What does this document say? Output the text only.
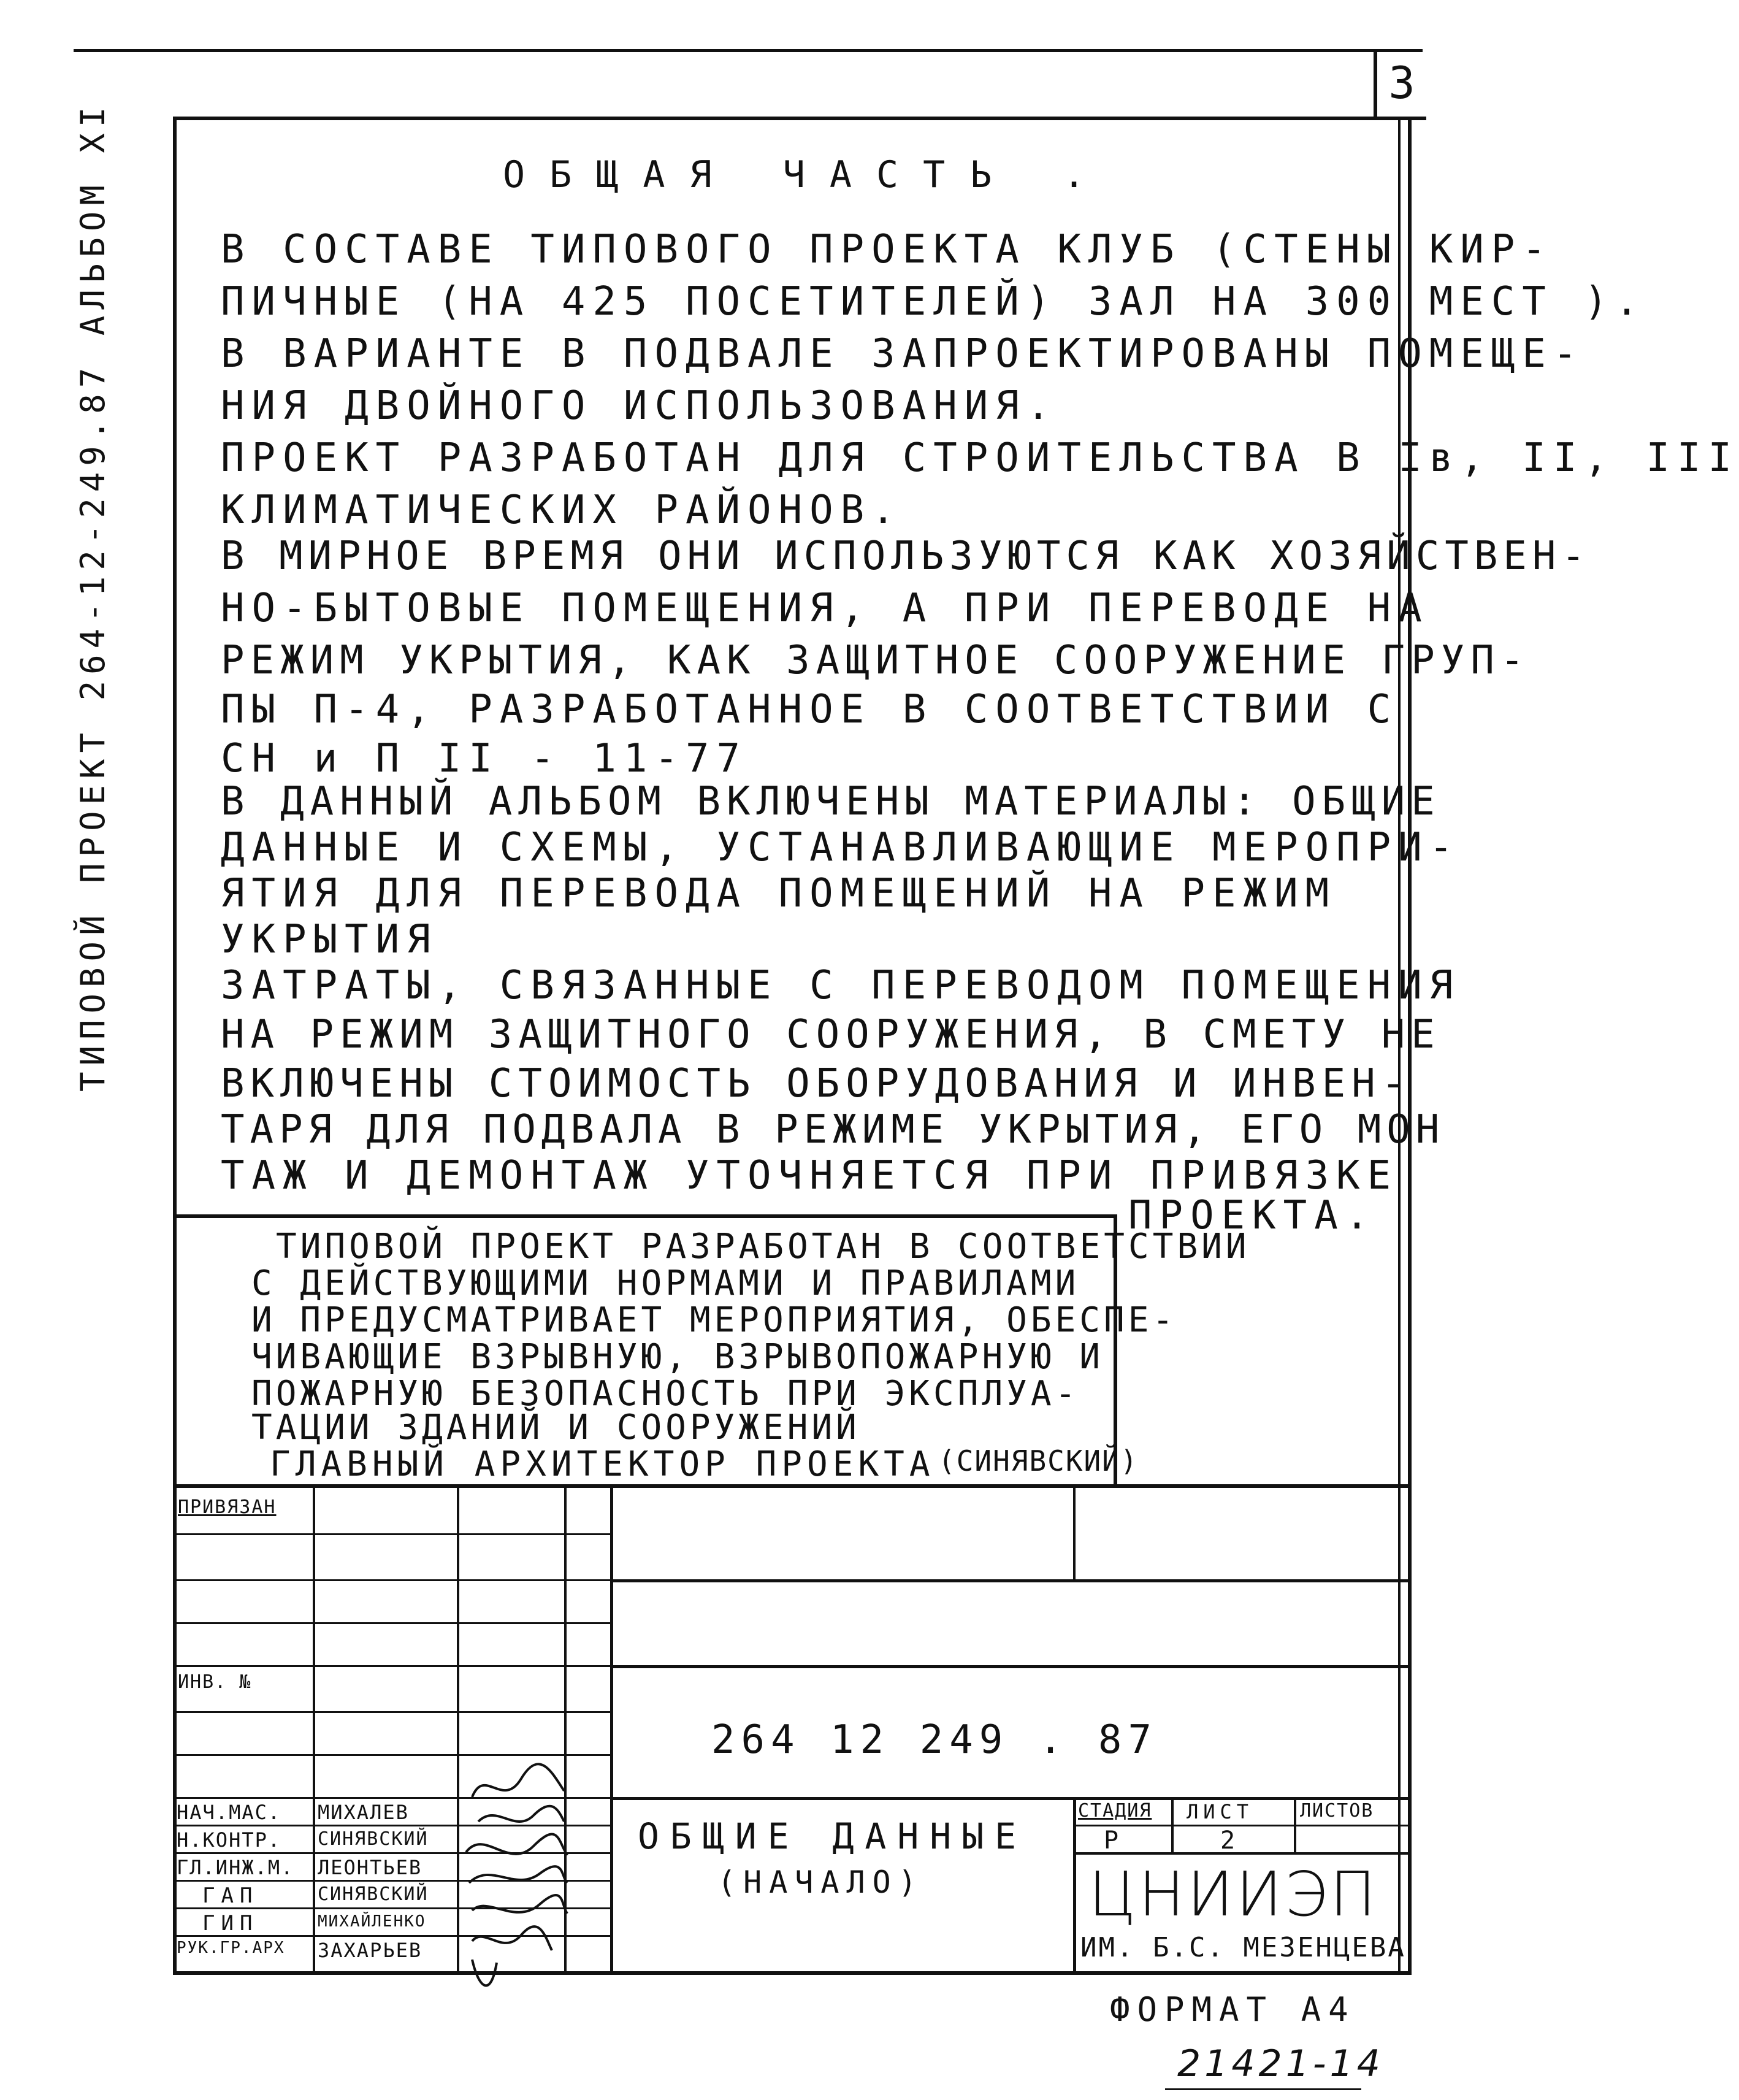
3
ТИПОВОЙ ПРОЕКТ 264-12-249.87 АЛЬБОМ XI	ОБЩАЯ ЧАСТЬ .
В СОСТАВЕ ТИПОВОГО ПРОЕКТА КЛУБ (СТЕНЫ КИР-
ПИЧНЫЕ (НА 425 ПОСЕТИТЕЛЕЙ) ЗАЛ НА 300 МЕСТ ).
В ВАРИАНТЕ В ПОДВАЛЕ ЗАПРОЕКТИРОВАНЫ ПОМЕЩЕ-
НИЯ ДВОЙНОГО ИСПОЛЬЗОВАНИЯ.
ПРОЕКТ РАЗРАБОТАН ДЛЯ СТРОИТЕЛЬСТВА В Iв, II, III
КЛИМАТИЧЕСКИХ РАЙОНОВ.
В МИРНОЕ ВРЕМЯ ОНИ ИСПОЛЬЗУЮТСЯ КАК ХОЗЯЙСТВЕН-
НО-БЫТОВЫЕ ПОМЕЩЕНИЯ, А ПРИ ПЕРЕВОДЕ НА
РЕЖИМ УКРЫТИЯ, КАК ЗАЩИТНОЕ СООРУЖЕНИЕ ГРУП-
ПЫ П-4, РАЗРАБОТАННОЕ В СООТВЕТСТВИИ С
СН и П II - 11-77
В ДАННЫЙ АЛЬБОМ ВКЛЮЧЕНЫ МАТЕРИАЛЫ: ОБЩИЕ
ДАННЫЕ И СХЕМЫ, УСТАНАВЛИВАЮЩИЕ МЕРОПРИ-
ЯТИЯ ДЛЯ ПЕРЕВОДА ПОМЕЩЕНИЙ НА РЕЖИМ
УКРЫТИЯ
ЗАТРАТЫ, СВЯЗАННЫЕ С ПЕРЕВОДОМ ПОМЕЩЕНИЯ
НА РЕЖИМ ЗАЩИТНОГО СООРУЖЕНИЯ, В СМЕТУ НЕ
ВКЛЮЧЕНЫ СТОИМОСТЬ ОБОРУДОВАНИЯ И ИНВЕН-
ТАРЯ ДЛЯ ПОДВАЛА В РЕЖИМЕ УКРЫТИЯ, ЕГО МОН
ТАЖ И ДЕМОНТАЖ УТОЧНЯЕТСЯ ПРИ ПРИВЯЗКЕ
ПРОЕКТА.
ТИПОВОЙ ПРОЕКТ РАЗРАБОТАН В СООТВЕТСТВИИ
С ДЕЙСТВУЮЩИМИ НОРМАМИ И ПРАВИЛАМИ
И ПРЕДУСМАТРИВАЕТ МЕРОПРИЯТИЯ, ОБЕСПЕ-
ЧИВАЮЩИЕ ВЗРЫВНУЮ, ВЗРЫВОПОЖАРНУЮ И
ПОЖАРНУЮ БЕЗОПАСНОСТЬ ПРИ ЭКСПЛУА-
ТАЦИИ ЗДАНИЙ И СООРУЖЕНИЙ
ГЛАВНЫЙ АРХИТЕКТОР ПРОЕКТА (СИНЯВСКИЙ)
ПРИВЯЗАН
ИНВ. №
264 12 249 . 87
НАЧ.МАС. МИХАЛЕВ
Н.КОНТР. СИНЯВСКИЙ
ГЛ.ИНЖ.М. ЛЕОНТЬЕВ
ГАП	СИНЯВСКИЙ
ГИП	МИХАЙЛЕНКО
РУК.ГР.АРХ ЗАХАРЬЕВ
ОБЩИЕ ДАННЫЕ
(НАЧАЛО)
СТАДИЯ ЛИСТ	ЛИСТОВ
Р	2
ЦНИИЭП
ИМ. Б.С. МЕЗЕНЦЕВА
ФОРМАТ А4
21421-14
